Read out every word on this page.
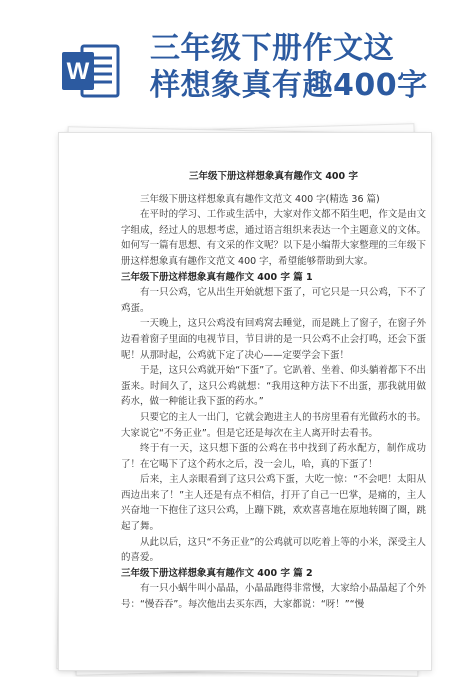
W
三年级下册作文这
样想象真有趣400字
三年级下册这样想象真有趣作文 400 字

三年级下册这样想象真有趣作文范文 400 字(精选 36 篇)

在平时的学习、工作或生活中，大家对作文都不陌生吧，作文是由文字组成，经过人的思想考虑，通过语言组织来表达一个主题意义的文体。如何写一篇有思想、有文采的作文呢？以下是小编帮大家整理的三年级下册这样想象真有趣作文范文 400 字，希望能够帮助到大家。

三年级下册这样想象真有趣作文 400 字 篇 1

有一只公鸡，它从出生开始就想下蛋了，可它只是一只公鸡，下不了鸡蛋。

一天晚上，这只公鸡没有回鸡窝去睡觉，而是跳上了窗子，在窗子外边看着窗子里面的电视节目，节目讲的是一只公鸡不止会打鸣，还会下蛋呢！从那时起，公鸡就下定了决心——定要学会下蛋！

于是，这只公鸡就开始“下蛋”了。它趴着、坐着、仰头躺着都下不出蛋来。时间久了，这只公鸡就想：“我用这种方法下不出蛋，那我就用做药水，做一种能让我下蛋的药水。”

只要它的主人一出门，它就会跑进主人的书房里看有光做药水的书。大家说它“不务正业”。但是它还是每次在主人离开时去看书。

终于有一天，这只想下蛋的公鸡在书中找到了药水配方，制作成功了！在它喝下了这个药水之后，没一会儿，哈，真的下蛋了！

后来，主人亲眼看到了这只公鸡下蛋，大吃一惊：“不会吧！太阳从西边出来了！”主人还是有点不相信，打开了自己一巴掌，是痛的，主人兴奋地一下抱住了这只公鸡，上蹦下跳，欢欢喜喜地在原地转圈了圈，跳起了舞。

从此以后，这只“不务正业”的公鸡就可以吃着上等的小米，深受主人的喜爱。

三年级下册这样想象真有趣作文 400 字 篇 2

有一只小蜗牛叫小晶晶，小晶晶跑得非常慢，大家给小晶晶起了个外号：“慢吞吞”。每次他出去买东西，大家都说：“呀！”“慢
